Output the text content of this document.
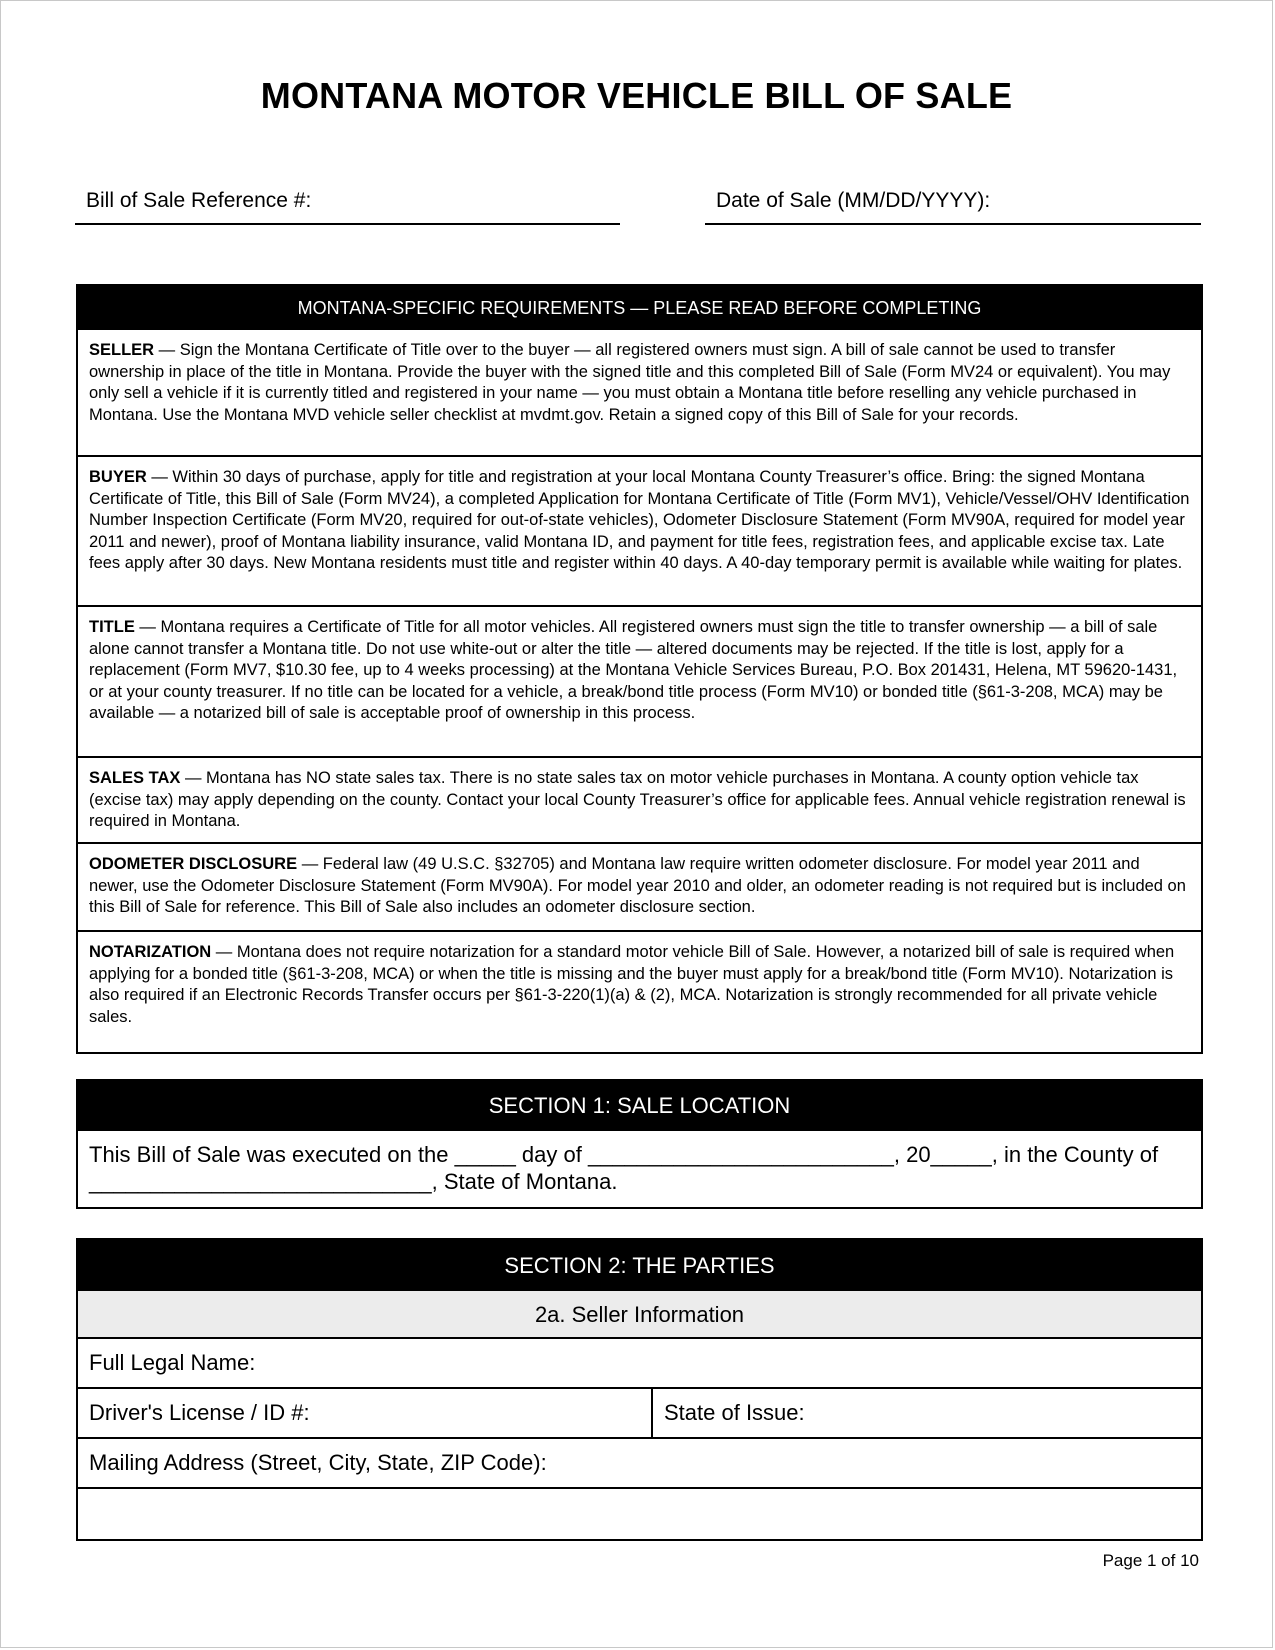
MONTANA MOTOR VEHICLE BILL OF SALE
Bill of Sale Reference #:	Date of Sale (MM/DD/YYYY):
MONTANA-SPECIFIC REQUIREMENTS — PLEASE READ BEFORE COMPLETING
SELLER — Sign the Montana Certificate of Title over to the buyer — all registered owners must sign. A bill of sale cannot be used to transfer ownership in place of the title in Montana. Provide the buyer with the signed title and this completed Bill of Sale (Form MV24 or equivalent). You may only sell a vehicle if it is currently titled and registered in your name — you must obtain a Montana title before reselling any vehicle purchased in Montana. Use the Montana MVD vehicle seller checklist at mvdmt.gov. Retain a signed copy of this Bill of Sale for your records.
BUYER — Within 30 days of purchase, apply for title and registration at your local Montana County Treasurer’s office. Bring: the signed Montana Certificate of Title, this Bill of Sale (Form MV24), a completed Application for Montana Certificate of Title (Form MV1), Vehicle/Vessel/OHV Identification Number Inspection Certificate (Form MV20, required for out-of-state vehicles), Odometer Disclosure Statement (Form MV90A, required for model year 2011 and newer), proof of Montana liability insurance, valid Montana ID, and payment for title fees, registration fees, and applicable excise tax. Late fees apply after 30 days. New Montana residents must title and register within 40 days. A 40-day temporary permit is available while waiting for plates.
TITLE — Montana requires a Certificate of Title for all motor vehicles. All registered owners must sign the title to transfer ownership — a bill of sale alone cannot transfer a Montana title. Do not use white-out or alter the title — altered documents may be rejected. If the title is lost, apply for a replacement (Form MV7, $10.30 fee, up to 4 weeks processing) at the Montana Vehicle Services Bureau, P.O. Box 201431, Helena, MT 59620-1431, or at your county treasurer. If no title can be located for a vehicle, a break/bond title process (Form MV10) or bonded title (§61-3-208, MCA) may be available — a notarized bill of sale is acceptable proof of ownership in this process.
SALES TAX — Montana has NO state sales tax. There is no state sales tax on motor vehicle purchases in Montana. A county option vehicle tax (excise tax) may apply depending on the county. Contact your local County Treasurer’s office for applicable fees. Annual vehicle registration renewal is required in Montana.
ODOMETER DISCLOSURE — Federal law (49 U.S.C. §32705) and Montana law require written odometer disclosure. For model year 2011 and newer, use the Odometer Disclosure Statement (Form MV90A). For model year 2010 and older, an odometer reading is not required but is included on this Bill of Sale for reference. This Bill of Sale also includes an odometer disclosure section.
NOTARIZATION — Montana does not require notarization for a standard motor vehicle Bill of Sale. However, a notarized bill of sale is required when applying for a bonded title (§61-3-208, MCA) or when the title is missing and the buyer must apply for a break/bond title (Form MV10). Notarization is also required if an Electronic Records Transfer occurs per §61-3-220(1)(a) & (2), MCA. Notarization is strongly recommended for all private vehicle sales.
SECTION 1: SALE LOCATION
This Bill of Sale was executed on the _____ day of _________________________, 20_____, in the County of ____________________________, State of Montana.
SECTION 2: THE PARTIES
2a. Seller Information
Full Legal Name:
Driver's License / ID #:	State of Issue:
Mailing Address (Street, City, State, ZIP Code):
Page 1 of 10
